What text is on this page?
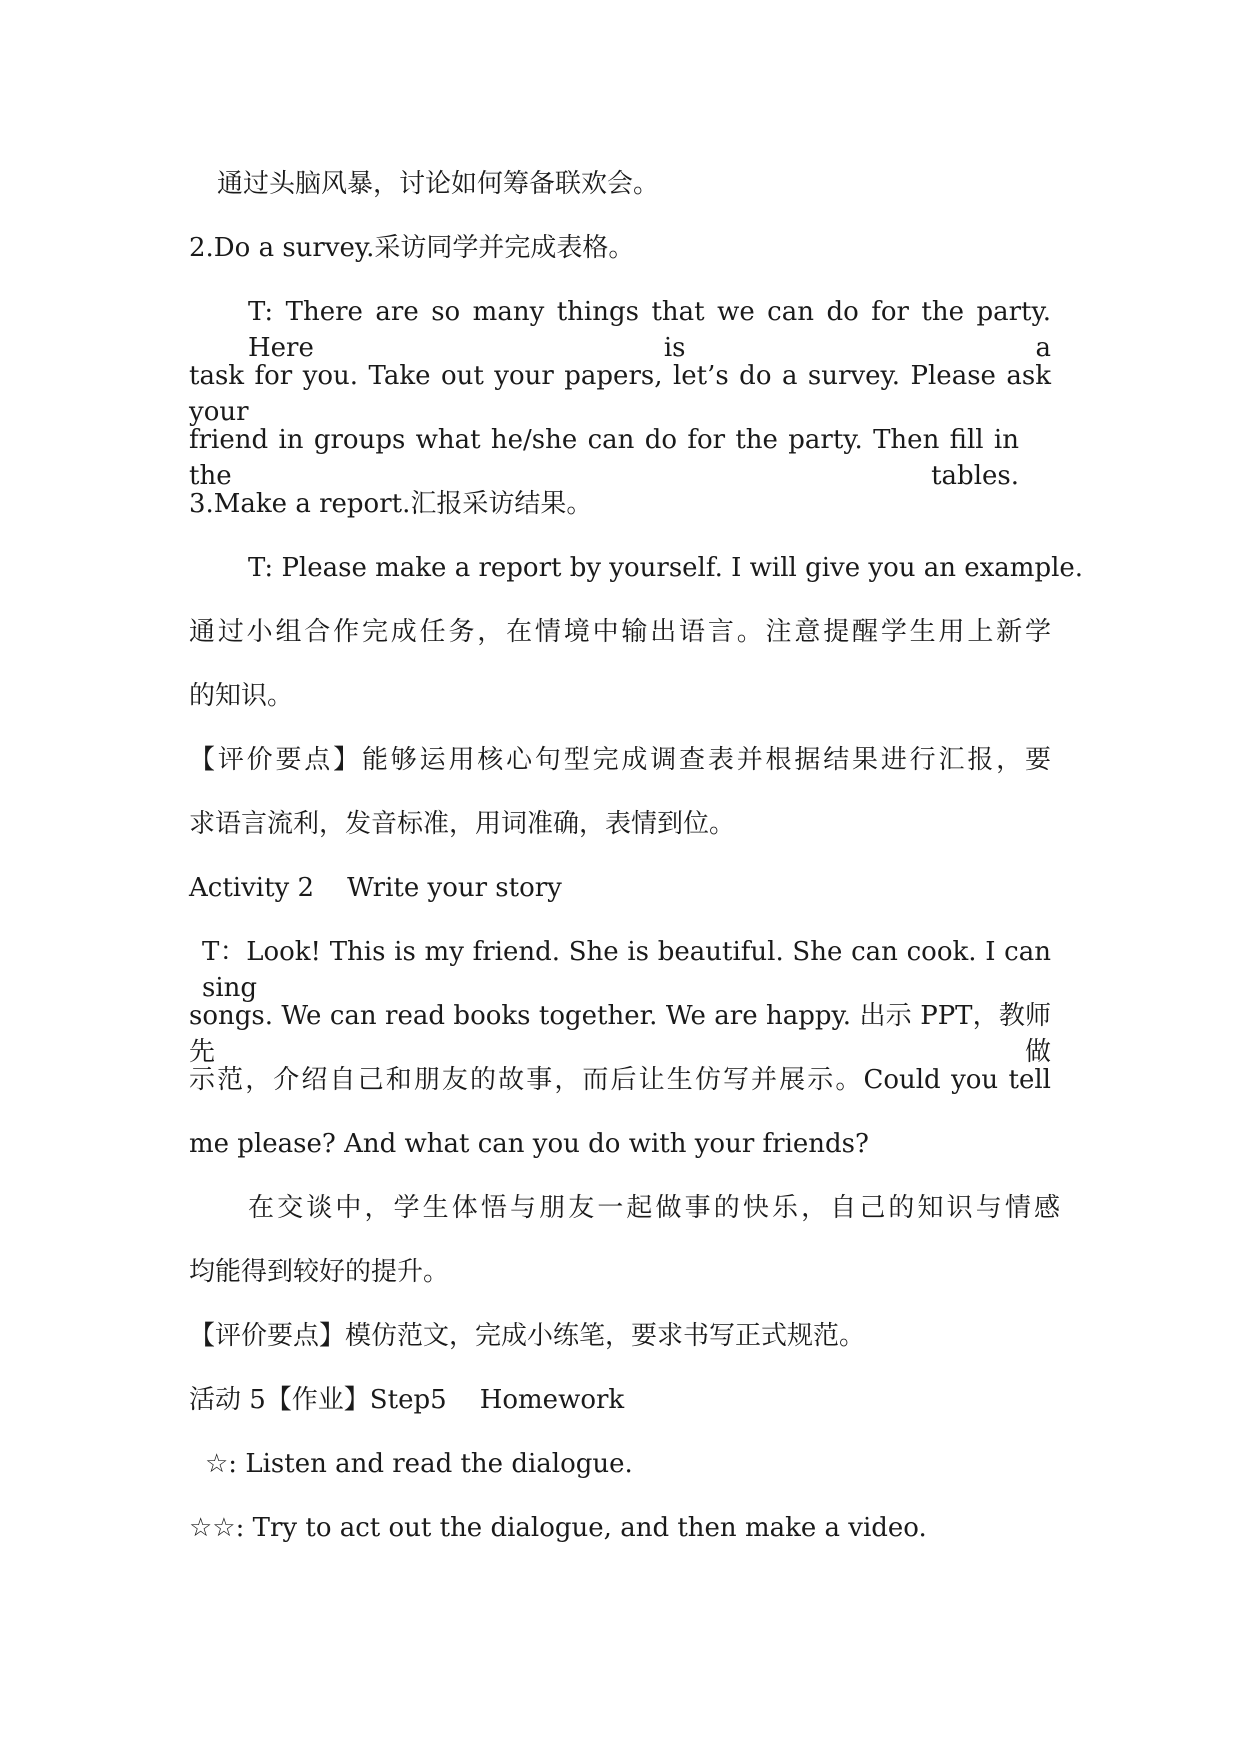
通过头脑风暴，讨论如何筹备联欢会。
2.Do a survey.采访同学并完成表格。
T: There are so many things that we can do for the party. Here is a
task for you. Take out your papers, let’s do a survey. Please ask your
friend in groups what he/she can do for the party. Then fill in the tables.
3.Make a report.汇报采访结果。
T: Please make a report by yourself. I will give you an example.
通过小组合作完成任务，在情境中输出语言。注意提醒学生用上新学
的知识。
【评价要点】能够运用核心句型完成调查表并根据结果进行汇报，要
求语言流利，发音标准，用词准确，表情到位。
Activity 2    Write your story
T：Look! This is my friend. She is beautiful. She can cook. I can sing
songs. We can read books together. We are happy. 出示 PPT，教师先做
示范，介绍自己和朋友的故事，而后让生仿写并展示。Could you tell
me please? And what can you do with your friends?
在交谈中，学生体悟与朋友一起做事的快乐，自己的知识与情感
均能得到较好的提升。
【评价要点】模仿范文，完成小练笔，要求书写正式规范。
活动 5【作业】Step5    Homework
☆: Listen and read the dialogue.
☆☆: Try to act out the dialogue, and then make a video.
